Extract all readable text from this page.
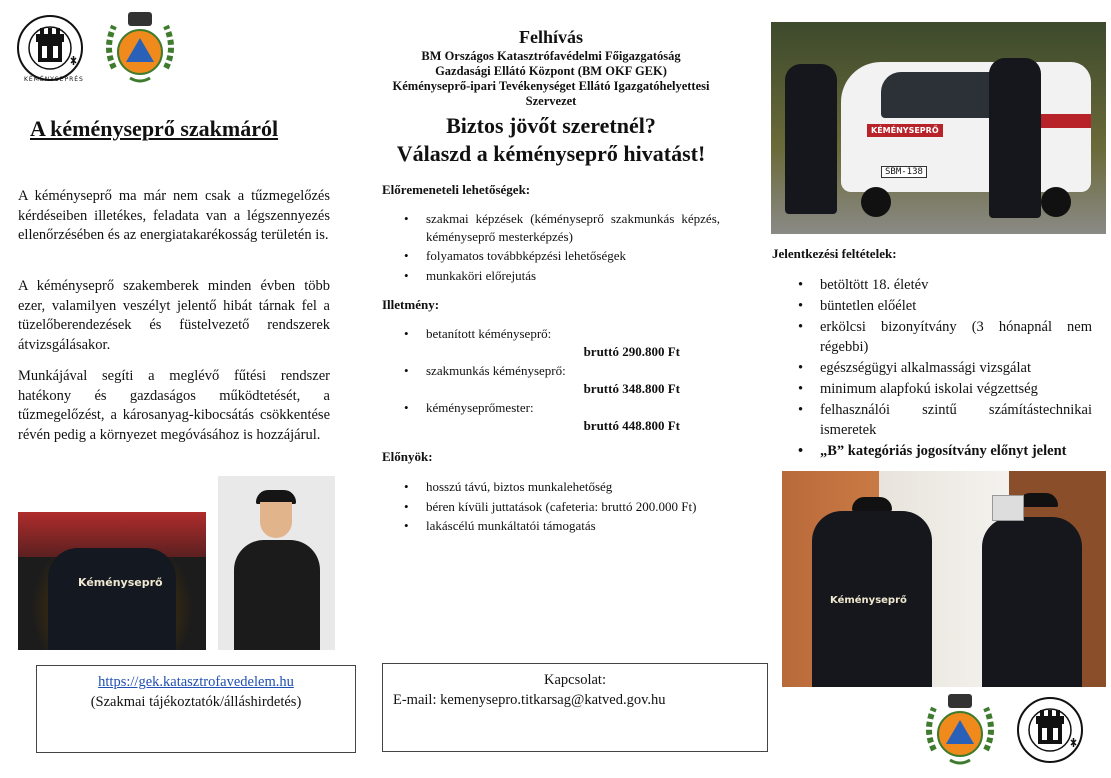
KÉMÉNYSEPRÉS
A kéményseprő szakmáról

A kéményseprő ma már nem csak a tűzmegelőzés kérdéseiben illetékes, feladata van a légszennyezés ellenőrzésében és az energiatakarékosság területén is.

A kéményseprő szakemberek minden évben több ezer, valamilyen veszélyt jelentő hibát tárnak fel a tüzelőberendezések és füstelvezető rendszerek átvizsgálásakor.

Munkájával segíti a meglévő fűtési rendszer hatékony és gazdaságos működtetését, a tűzmegelőzést, a károsanyag-kibocsátás csökkentése révén pedig a környezet megóvásához is hozzájárul.

Kéményseprő
https://gek.katasztrofavedelem.hu
(Szakmai tájékoztatók/álláshirdetés)
Felhívás
BM Országos Katasztrófavédelmi Főigazgatóság
Gazdasági Ellátó Központ (BM OKF GEK)
Kéményseprő-ipari Tevékenységet Ellátó Igazgatóhelyettesi
Szervezet
Biztos jövőt szeretnél?
Válaszd a kéményseprő hivatást!
Előremeneteli lehetőségek:
• szakmai képzések (kéményseprő szakmunkás képzés, kéményseprő mesterképzés)
• folyamatos továbbképzési lehetőségek
• munkaköri előrejutás
Illetmény:
• betanított kéményseprő:
bruttó 290.800 Ft
• szakmunkás kéményseprő:
bruttó 348.800 Ft
• kéményseprőmester:
bruttó 448.800 Ft
Előnyök:
• hosszú távú, biztos munkalehetőség
• béren kívüli juttatások (cafeteria: bruttó 200.000 Ft)
• lakáscélú munkáltatói támogatás
Kapcsolat:
E-mail: kemenysepro.titkarsag@katved.gov.hu
KÉMÉNYSEPRŐ
SBM-138
Jelentkezési feltételek:
• betöltött 18. életév
• büntetlen előélet
• erkölcsi bizonyítvány (3 hónapnál nem régebbi)
• egészségügyi alkalmassági vizsgálat
• minimum alapfokú iskolai végzettség
• felhasználói szintű számítástechnikai ismeretek
• „B” kategóriás jogosítvány előnyt jelent
Kéményseprő
